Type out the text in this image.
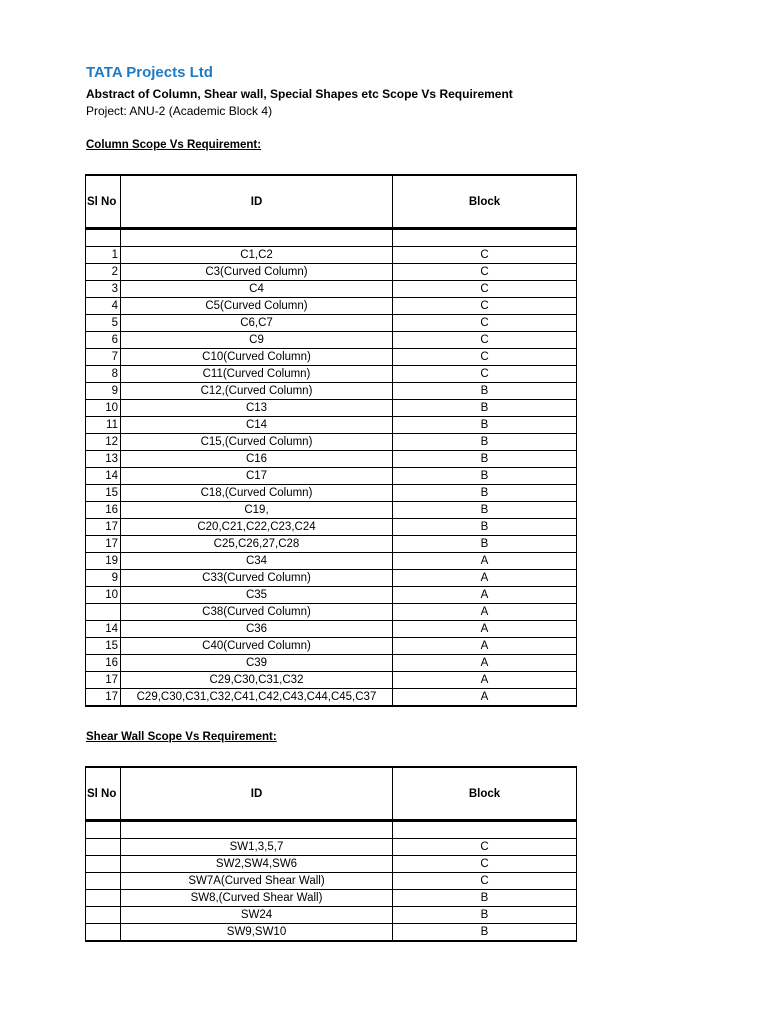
TATA Projects Ltd
Abstract of Column, Shear wall, Special Shapes etc Scope Vs Requirement
Project: ANU-2 (Academic Block 4)
Column Scope Vs Requirement:
Sl No	ID	Block

1	C1,C2	C
2	C3(Curved Column)	C
3	C4	C
4	C5(Curved Column)	C
5	C6,C7	C
6	C9	C
7	C10(Curved Column)	C
8	C11(Curved Column)	C
9	C12,(Curved Column)	B
10	C13	B
11	C14	B
12	C15,(Curved Column)	B
13	C16	B
14	C17	B
15	C18,(Curved Column)	B
16	C19,	B
17	C20,C21,C22,C23,C24	B
17	C25,C26,27,C28	B
19	C34	A
9	C33(Curved Column)	A
10	C35	A
	C38(Curved Column)	A
14	C36	A
15	C40(Curved Column)	A
16	C39	A
17	C29,C30,C31,C32	A
17	C29,C30,C31,C32,C41,C42,C43,C44,C45,C37	A
Shear Wall Scope Vs Requirement:
Sl No	ID	Block

	SW1,3,5,7	C
	SW2,SW4,SW6	C
	SW7A(Curved Shear Wall)	C
	SW8,(Curved Shear Wall)	B
	SW24	B
	SW9,SW10	B
